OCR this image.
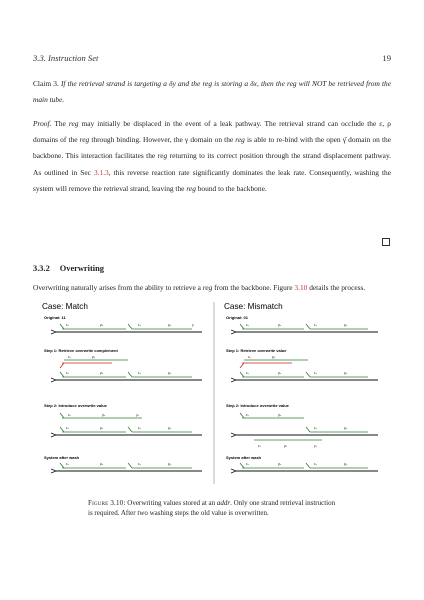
3.3. Instruction Set	19

Claim 3. If the retrieval strand is targeting a δy and the reg is storing a δx, then the reg will NOT be retrieved from the main tube.

Proof. The reg may initially be displaced in the event of a leak pathway. The retrieval strand can occlude the ε, ρ domains of the reg through binding. However, the γ domain on the reg is able to re-bind with the open γ̄ domain on the backbone. This interaction facilitates the reg returning to its correct position through the strand displacement pathway. As outlined in Sec 3.1.3, this reverse reaction rate significantly dominates the leak rate. Consequently, washing the system will remove the retrieval strand, leaving the reg bound to the backbone.

3.3.2 Overwriting

Overwriting naturally arises from the ability to retrieve a reg from the backbone. Figure 3.10 details the process.

Case: Match
Original: 11
εₓ	ρₓ	εᵧ	ρᵧ	γ
Step 1: Retrieve overwrite complement
εᵧ	ρᵧ
εₓ	ρₓ	εᵧ	ρᵧ
Step 2: Introduce overwrite value
εₓ	ρₓ	γₓ
εₓ	ρₓ	εᵧ	ρᵧ
System after wash
εₓ	ρₓ	εᵧ	ρᵧ
Case: Mismatch
Original: 01
εₓ	ρₓ	εᵧ	ρᵧ
Step 1: Retrieve overwrite value
εᵧ	ρᵧ
εₓ	ρₓ	εᵧ	ρᵧ
Step 2: Introduce overwrite value
εₓ	ρₓ
εₓ	ρₓ	γₓ
εᵧ	ρᵧ
System after wash
εₓ	ρₓ	εᵧ	ρᵧ

Figure 3.10: Overwriting values stored at an addr. Only one strand retrieval instruction is required. After two washing steps the old value is overwritten.
